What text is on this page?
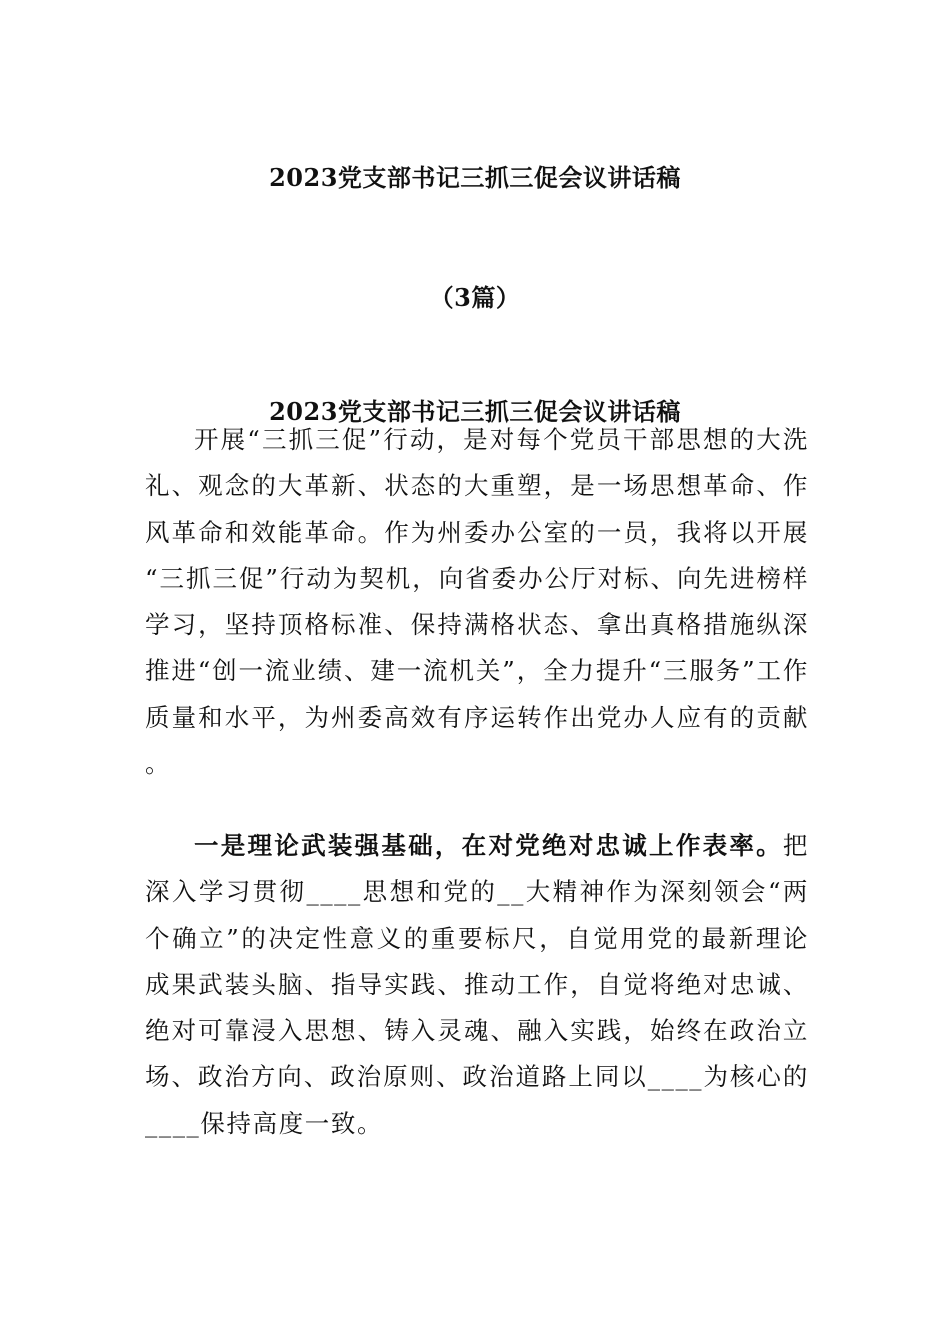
2023党支部书记三抓三促会议讲话稿
（3篇）
2023党支部书记三抓三促会议讲话稿

开展“三抓三促”行动，是对每个党员干部思想的大洗礼、观念的大革新、状态的大重塑，是一场思想革命、作风革命和效能革命。作为州委办公室的一员，我将以开展“三抓三促”行动为契机，向省委办公厅对标、向先进榜样学习，坚持顶格标准、保持满格状态、拿出真格措施纵深推进“创一流业绩、建一流机关”，全力提升“三服务”工作质量和水平，为州委高效有序运转作出党办人应有的贡献。

一是理论武装强基础，在对党绝对忠诚上作表率。把深入学习贯彻____思想和党的__大精神作为深刻领会“两个确立”的决定性意义的重要标尺，自觉用党的最新理论成果武装头脑、指导实践、推动工作，自觉将绝对忠诚、绝对可靠浸入思想、铸入灵魂、融入实践，始终在政治立场、政治方向、政治原则、政治道路上同以____为核心的____保持高度一致。
